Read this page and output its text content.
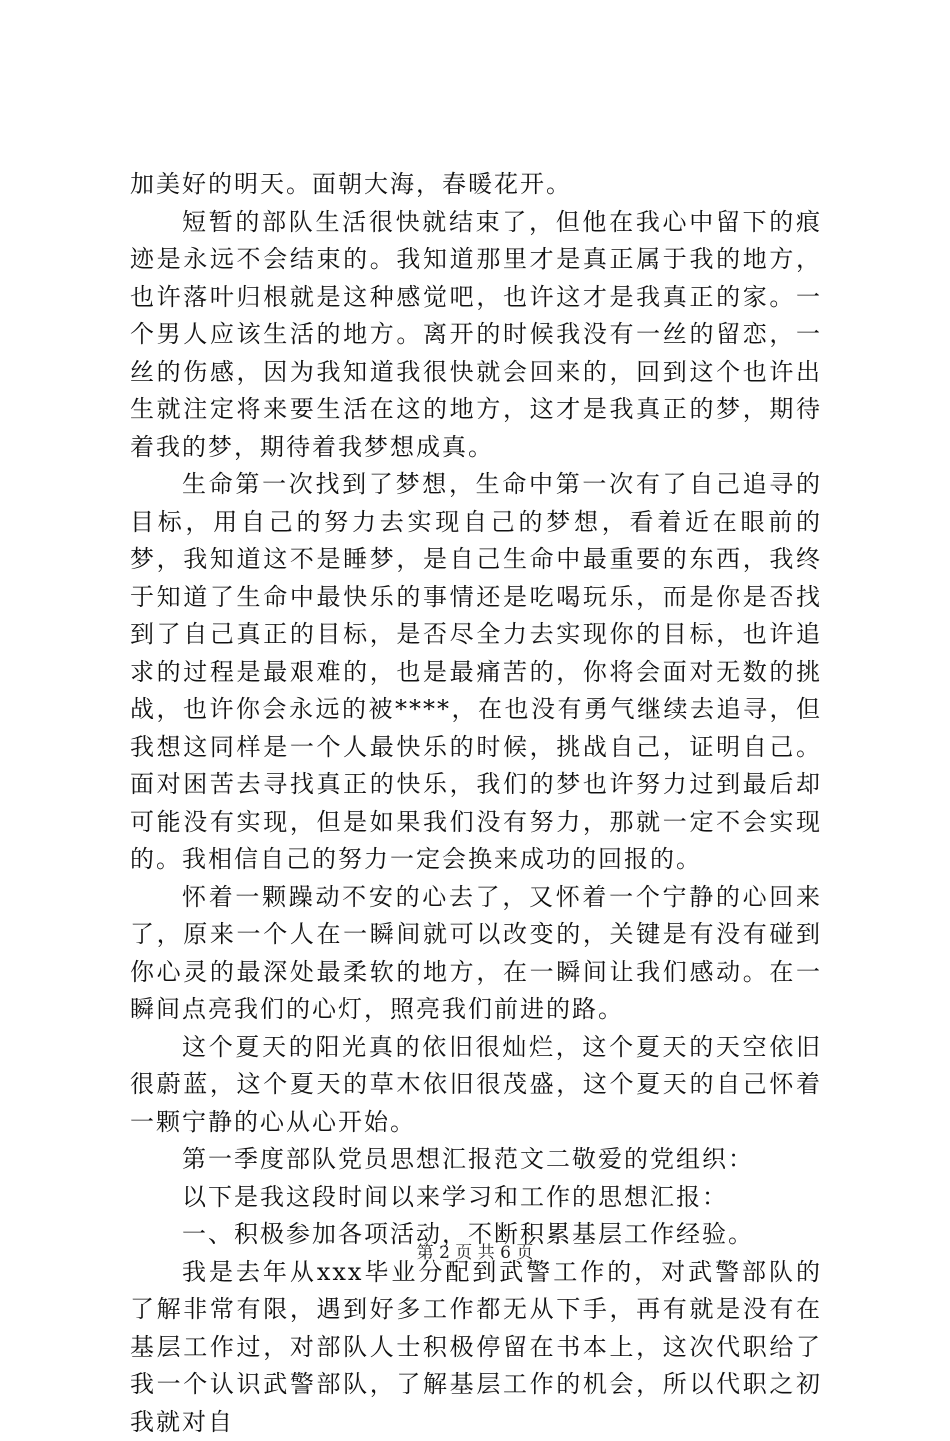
加美好的明天。面朝大海，春暖花开。

短暂的部队生活很快就结束了，但他在我心中留下的痕迹是永远不会结束的。我知道那里才是真正属于我的地方，也许落叶归根就是这种感觉吧，也许这才是我真正的家。一个男人应该生活的地方。离开的时候我没有一丝的留恋，一丝的伤感，因为我知道我很快就会回来的，回到这个也许出生就注定将来要生活在这的地方，这才是我真正的梦，期待着我的梦，期待着我梦想成真。

生命第一次找到了梦想，生命中第一次有了自己追寻的目标，用自己的努力去实现自己的梦想，看着近在眼前的梦，我知道这不是睡梦，是自己生命中最重要的东西，我终于知道了生命中最快乐的事情还是吃喝玩乐，而是你是否找到了自己真正的目标，是否尽全力去实现你的目标，也许追求的过程是最艰难的，也是最痛苦的，你将会面对无数的挑战，也许你会永远的被****，在也没有勇气继续去追寻，但我想这同样是一个人最快乐的时候，挑战自己，证明自己。面对困苦去寻找真正的快乐，我们的梦也许努力过到最后却可能没有实现，但是如果我们没有努力，那就一定不会实现的。我相信自己的努力一定会换来成功的回报的。

怀着一颗躁动不安的心去了，又怀着一个宁静的心回来了，原来一个人在一瞬间就可以改变的，关键是有没有碰到你心灵的最深处最柔软的地方，在一瞬间让我们感动。在一瞬间点亮我们的心灯，照亮我们前进的路。

这个夏天的阳光真的依旧很灿烂，这个夏天的天空依旧很蔚蓝，这个夏天的草木依旧很茂盛，这个夏天的自己怀着一颗宁静的心从心开始。

第一季度部队党员思想汇报范文二敬爱的党组织：

以下是我这段时间以来学习和工作的思想汇报：

一、积极参加各项活动，不断积累基层工作经验。

我是去年从xxx毕业分配到武警工作的，对武警部队的了解非常有限，遇到好多工作都无从下手，再有就是没有在基层工作过，对部队人士积极停留在书本上，这次代职给了我一个认识武警部队，了解基层工作的机会，所以代职之初我就对自

第 2 页 共 6 页
